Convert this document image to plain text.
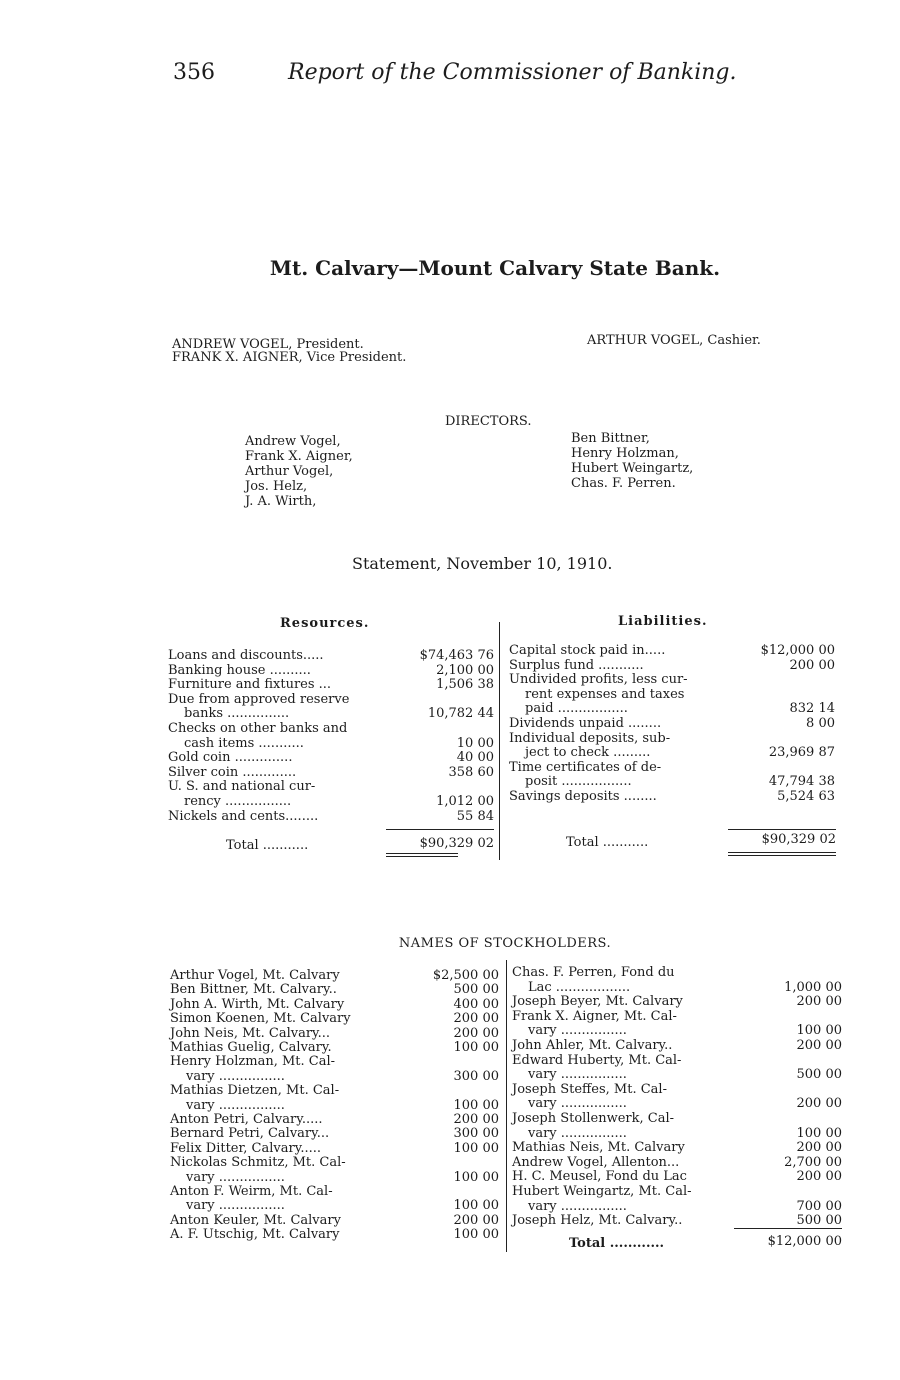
356	Report of the Commissioner of Banking.
Mt. Calvary—Mount Calvary State Bank.
ANDREW VOGEL, President.
FRANK X. AIGNER, Vice President.
ARTHUR VOGEL, Cashier.
DIRECTORS.
Andrew Vogel,
Frank X. Aigner,
Arthur Vogel,
Jos. Helz,
J. A. Wirth,
Ben Bittner,
Henry Holzman,
Hubert Weingartz,
Chas. F. Perren.
Statement, November 10, 1910.
Resources.	Liabilities.
Loans and discounts.....	$74,463 76
Banking house ..........	2,100 00
Furniture and fixtures ...	1,506 38
Due from approved reserve
banks ...............	10,782 44
Checks on other banks and
cash items ...........	10 00
Gold coin ..............	40 00
Silver coin .............	358 60
U. S. and national cur-
rency ................	1,012 00
Nickels and cents........	55 84
Capital stock paid in.....	$12,000 00
Surplus fund ...........	200 00
Undivided profits, less cur-
rent expenses and taxes
paid .................	832 14
Dividends unpaid ........	8 00
Individual deposits, sub-
ject to check .........	23,969 87
Time certificates of de-
posit .................	47,794 38
Savings deposits ........	5,524 63
Total ...........	$90,329 02	Total ...........	$90,329 02
NAMES OF STOCKHOLDERS.
Arthur Vogel, Mt. Calvary	$2,500 00
Ben Bittner, Mt. Calvary..	500 00
John A. Wirth, Mt. Calvary	400 00
Simon Koenen, Mt. Calvary	200 00
John Neis, Mt. Calvary...	200 00
Mathias Guelig, Calvary.	100 00
Henry Holzman, Mt. Cal-
vary ................	300 00
Mathias Dietzen, Mt. Cal-
vary ................	100 00
Anton Petri, Calvary.....	200 00
Bernard Petri, Calvary...	300 00
Felix Ditter, Calvary.....	100 00
Nickolas Schmitz, Mt. Cal-
vary ................	100 00
Anton F. Weirm, Mt. Cal-
vary ................	100 00
Anton Keuler, Mt. Calvary	200 00
A. F. Utschig, Mt. Calvary	100 00
Chas. F. Perren, Fond du
Lac ..................	1,000 00
Joseph Beyer, Mt. Calvary	200 00
Frank X. Aigner, Mt. Cal-
vary ................	100 00
John Ahler, Mt. Calvary..	200 00
Edward Huberty, Mt. Cal-
vary ................	500 00
Joseph Steffes, Mt. Cal-
vary ................	200 00
Joseph Stollenwerk, Cal-
vary ................	100 00
Mathias Neis, Mt. Calvary	200 00
Andrew Vogel, Allenton...	2,700 00
H. C. Meusel, Fond du Lac	200 00
Hubert Weingartz, Mt. Cal-
vary ................	700 00
Joseph Helz, Mt. Calvary..	500 00
Total ............	$12,000 00
